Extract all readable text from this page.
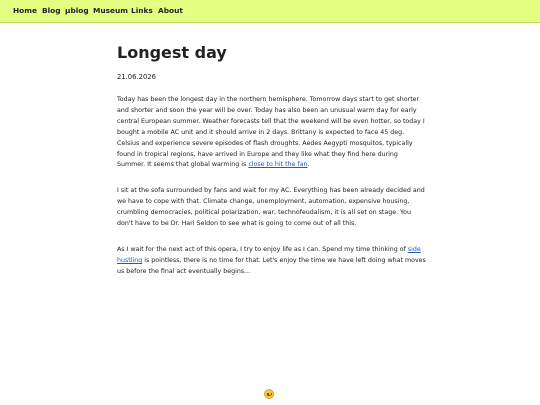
Home Blog µblog Museum Links About
Longest day

21.06.2026

Today has been the longest day in the northern hemisphere. Tomorrow days start to get shorter and shorter and soon the year will be over. Today has also been an unusual warm day for early central European summer. Weather forecasts tell that the weekend will be even hotter, so today I bought a mobile AC unit and it should arrive in 2 days. Brittany is expected to face 45 deg. Celsius and experience severe episodes of flash droughts. Aedes Aegypti mosquitos, typically found in tropical regions, have arrived in Europe and they like what they find here during Summer. It seems that global warming is close to hit the fan.

I sit at the sofa surrounded by fans and wait for my AC. Everything has been already decided and we have to cope with that. Climate change, unemployment, automation, expensive housing, crumbling democracies, political polarization, war, technofeudalism, it is all set on stage. You don't have to be Dr. Hari Seldon to see what is going to come out of all this.

As I wait for the next act of this opera, I try to enjoy life as I can. Spend my time thinking of side hustling is pointless, there is no time for that. Let's enjoy the time we have left doing what moves us before the final act eventually begins...
